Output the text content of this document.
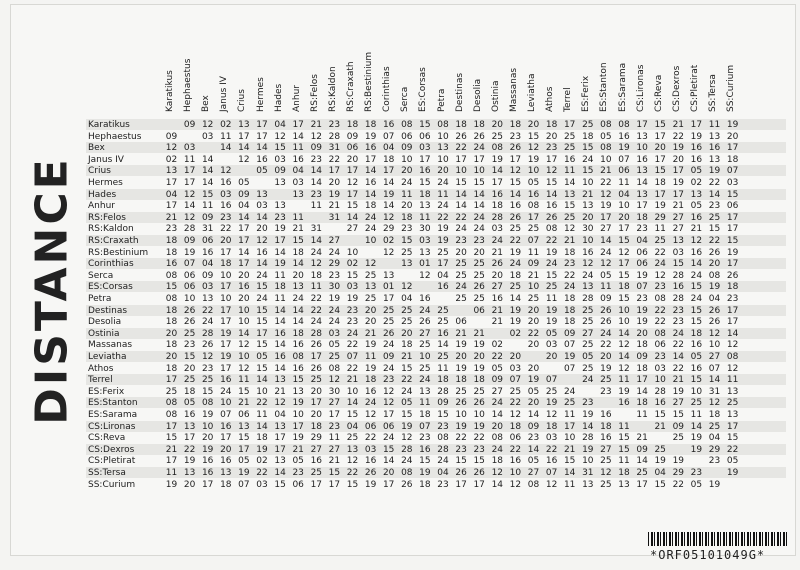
DISTANCE
Karatikus Hephaestus Bex Janus IV Crius Hermes Hades Anhur RS:Felos RS:Kaldon RS:Craxath RS:Bestinium Corinthias Serca ES:Corsas Petra Destinas Desolia Ostinia Massanas Leviatha Athos Terrel ES:Ferix ES:Stanton ES:Sarama CS:Lironas CS:Reva CS:Dexros CS:Pletirat SS:Tersa SS:Curium
Karatikus	09 12 02 13 17 04 17 21 23 18 18 16 08 15 08 18 18 20 18 20 18 17 25 08 08 17 15 21 17 11 19
Hephaestus	09	03 11 17 17 12 14 12 28 09 19 07 06 06 10 26 26 25 23 15 20 25 18 05 16 13 17 22 19 13 20
Bex	12 03	14 14 14 15 11 09 31 06 16 04 09 03 13 22 24 08 26 12 23 25 15 08 19 10 20 19 16 16 17
Janus IV	02 11 14	12 16 03 16 23 22 20 17 18 10 17 10 17 17 19 17 19 17 16 24 10 07 16 17 20 16 13 18
Crius	13 17 14 12	05 09 04 14 17 17 14 17 20 16 20 10 10 14 12 10 12 11 15 21 06 13 15 17 05 19 07
Hermes	17 17 14 16 05	13 03 14 20 12 16 14 24 15 24 15 15 17 15 05 15 14 10 22 11 14 18 19 02 22 03
Hades	04 12 15 03 09 13	13 23 19 17 14 19 11 18 11 14 14 16 14 16 14 13 21 12 04 13 17 17 13 14 15
Anhur	17 14 11 16 04 03 13	11 21 15 18 14 20 13 24 14 14 18 16 08 16 15 13 19 10 17 19 21 05 23 06
RS:Felos	21 12 09 23 14 14 23 11	31 14 24 12 18 11 22 22 24 28 26 17 26 25 20 17 20 18 29 27 16 25 17
RS:Kaldon	23 28 31 22 17 20 19 21 31	27 24 29 23 30 19 24 24 03 25 25 08 12 30 27 17 23 11 27 21 15 17
RS:Craxath	18 09 06 20 17 12 17 15 14 27	10 02 15 03 19 23 23 24 22 07 22 21 10 14 15 04 25 13 12 22 15
RS:Bestinium	18 19 16 17 14 16 14 18 24 24 10	12 25 13 25 20 20 21 19 11 19 18 16 24 12 06 22 03 16 26 19
Corinthias	16 07 04 18 17 14 19 14 12 29 02 12	13 01 17 25 25 26 24 09 24 23 12 12 17 06 24 15 14 20 17
Serca	08 06 09 10 20 24 11 20 18 23 15 25 13	12 04 25 25 20 18 21 15 22 24 05 15 19 12 28 24 08 26
ES:Corsas	15 06 03 17 16 15 18 13 11 30 03 13 01 12	16 24 26 27 25 10 25 24 13 11 18 07 23 16 15 19 18
Petra	08 10 13 10 20 24 11 24 22 19 19 25 17 04 16	25 25 16 14 25 11 18 28 09 15 23 08 28 24 04 23
Destinas	18 26 22 17 10 15 14 14 22 24 23 20 25 25 24 25	06 21 19 20 19 18 25 26 10 19 22 23 15 26 17
Desolia	18 26 24 17 10 15 14 14 24 24 23 20 25 25 26 25 06	21 19 20 19 18 25 26 10 19 22 23 15 26 17
Ostinia	20 25 28 19 14 17 16 18 28 03 24 21 26 20 27 16 21 21	02 22 05 09 27 24 14 20 08 24 18 12 14
Massanas	18 23 26 17 12 15 14 16 26 05 22 19 24 18 25 14 19 19 02	20 03 07 25 22 12 18 06 22 16 10 12
Leviatha	20 15 12 19 10 05 16 08 17 25 07 11 09 21 10 25 20 20 22 20	20 19 05 20 14 09 23 14 05 27 08
Athos	18 20 23 17 12 15 14 16 26 08 22 19 24 15 25 11 19 19 05 03 20	07 25 19 12 18 03 22 16 07 12
Terrel	17 25 25 16 11 14 13 15 25 12 21 18 23 22 24 18 18 18 09 07 19 07	24 25 11 17 10 21 15 14 11
ES:Ferix	25 18 15 24 15 10 21 13 20 30 10 16 12 24 13 28 25 25 27 25 05 25 24	23 19 14 28 19 10 31 13
ES:Stanton	08 05 08 10 21 22 12 19 17 27 14 24 12 05 11 09 26 26 24 22 20 19 25 23	16 18 16 27 25 12 25
ES:Sarama	08 16 19 07 06 11 04 10 20 17 15 12 17 15 18 15 10 10 14 12 14 12 11 19 16	11 15 15 11 18 13
CS:Lironas	17 13 10 16 13 14 13 17 18 23 04 06 06 19 07 23 19 19 20 18 09 18 17 14 18 11	21 09 14 25 17
CS:Reva	15 17 20 17 15 18 17 19 29 11 25 22 24 12 23 08 22 22 08 06 23 03 10 28 16 15 21	25 19 04 15
CS:Dexros	21 22 19 20 17 19 17 21 27 27 13 03 15 28 16 28 23 23 24 22 14 22 21 19 27 15 09 25	19 29 22
CS:Pletirat	17 19 16 16 05 02 13 05 16 21 12 16 14 24 15 24 15 15 18 16 05 16 15 10 25 11 14 19 19	23 05
SS:Tersa	11 13 16 13 19 22 14 23 25 15 22 26 20 08 19 04 26 26 12 10 27 07 14 31 12 18 25 04 29 23	19
SS:Curium	19 20 17 18 07 03 15 06 17 17 15 19 17 26 18 23 17 17 14 12 08 12 11 13 25 13 17 15 22 05 19
*ORF05101049G*
